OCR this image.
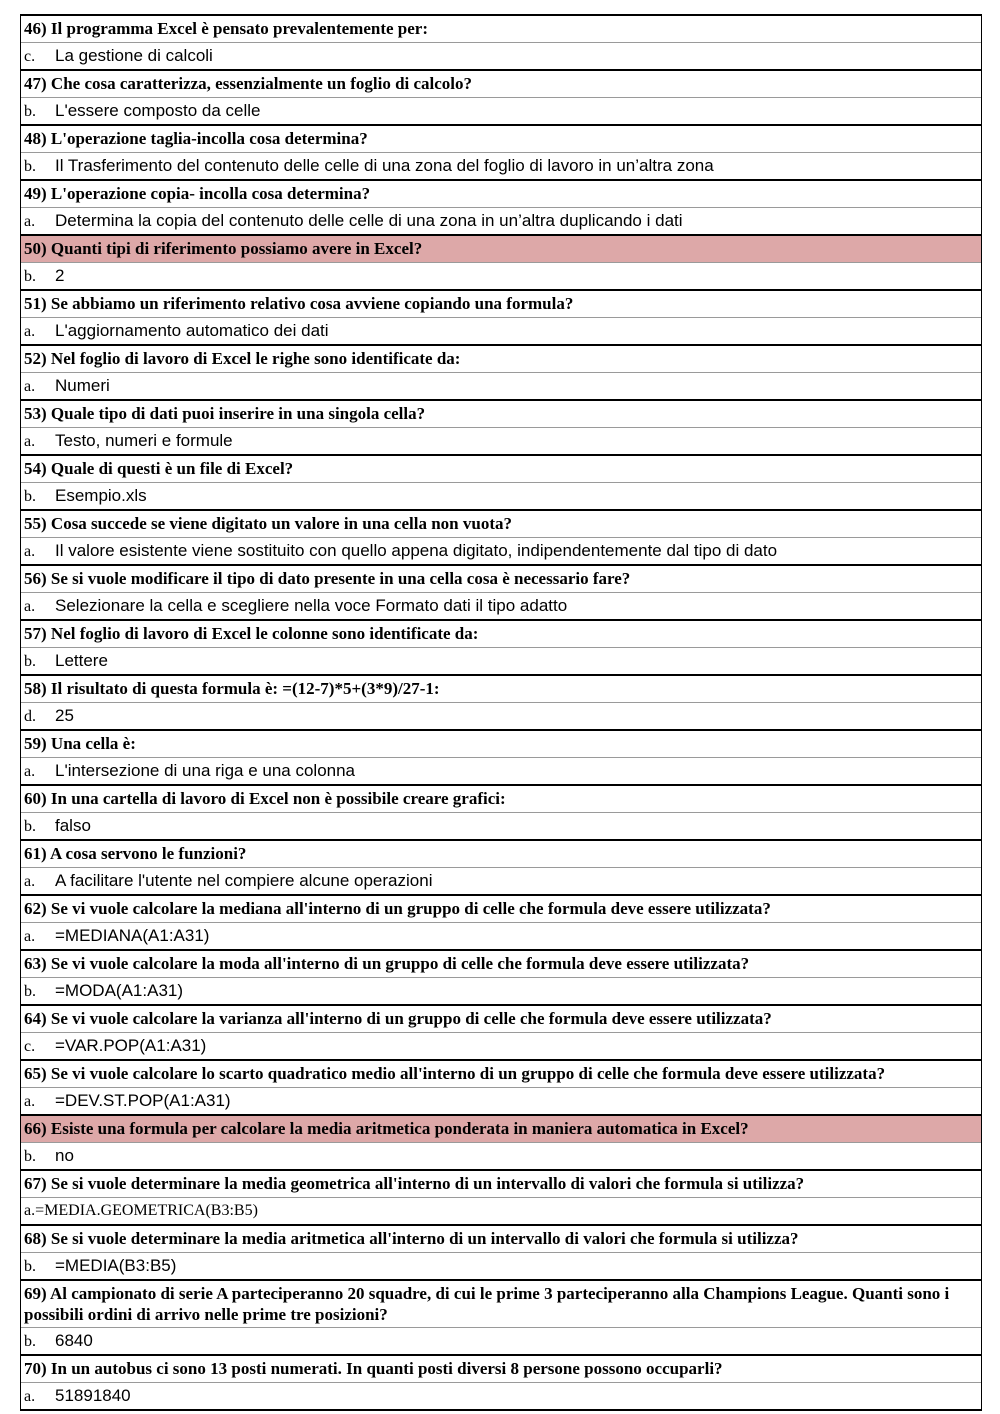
46) Il programma Excel è pensato prevalentemente per:
c. La gestione di calcoli
47) Che cosa caratterizza, essenzialmente un foglio di calcolo?
b. L'essere composto da celle
48) L'operazione taglia-incolla cosa determina?
b. Il Trasferimento del contenuto delle celle di una zona del foglio di lavoro in un’altra zona
49) L'operazione copia- incolla cosa determina?
a. Determina la copia del contenuto delle celle di una zona in un’altra duplicando i dati
50) Quanti tipi di riferimento possiamo avere in Excel?
b. 2
51) Se abbiamo un riferimento relativo cosa avviene copiando una formula?
a. L'aggiornamento automatico dei dati
52) Nel foglio di lavoro di Excel le righe sono identificate da:
a. Numeri
53) Quale tipo di dati puoi inserire in una singola cella?
a. Testo, numeri e formule
54) Quale di questi è un file di Excel?
b. Esempio.xls
55) Cosa succede se viene digitato un valore in una cella non vuota?
a. Il valore esistente viene sostituito con quello appena digitato, indipendentemente dal tipo di dato
56) Se si vuole modificare il tipo di dato presente in una cella cosa è necessario fare?
a. Selezionare la cella e scegliere nella voce Formato dati il tipo adatto
57) Nel foglio di lavoro di Excel le colonne sono identificate da:
b. Lettere
58) Il risultato di questa formula è: =(12-7)*5+(3*9)/27-1:
d. 25
59) Una cella è:
a. L'intersezione di una riga e una colonna
60) In una cartella di lavoro di Excel non è possibile creare grafici:
b. falso
61) A cosa servono le funzioni?
a. A facilitare l'utente nel compiere alcune operazioni
62) Se vi vuole calcolare la mediana all'interno di un gruppo di celle che formula deve essere utilizzata?
a. =MEDIANA(A1:A31)
63) Se vi vuole calcolare la moda all'interno di un gruppo di celle che formula deve essere utilizzata?
b. =MODA(A1:A31)
64) Se vi vuole calcolare la varianza all'interno di un gruppo di celle che formula deve essere utilizzata?
c. =VAR.POP(A1:A31)
65) Se vi vuole calcolare lo scarto quadratico medio all'interno di un gruppo di celle che formula deve essere utilizzata?
a. =DEV.ST.POP(A1:A31)
66) Esiste una formula per calcolare la media aritmetica ponderata in maniera automatica in Excel?
b. no
67) Se si vuole determinare la media geometrica all'interno di un intervallo di valori che formula si utilizza?
a.=MEDIA.GEOMETRICA(B3:B5)
68) Se si vuole determinare la media aritmetica all'interno di un intervallo di valori che formula si utilizza?
b. =MEDIA(B3:B5)
69) Al campionato di serie A parteciperanno 20 squadre, di cui le prime 3 parteciperanno alla Champions League. Quanti sono i possibili ordini di arrivo nelle prime tre posizioni?
b. 6840
70) In un autobus ci sono 13 posti numerati. In quanti posti diversi 8 persone possono occuparli?
a. 51891840
